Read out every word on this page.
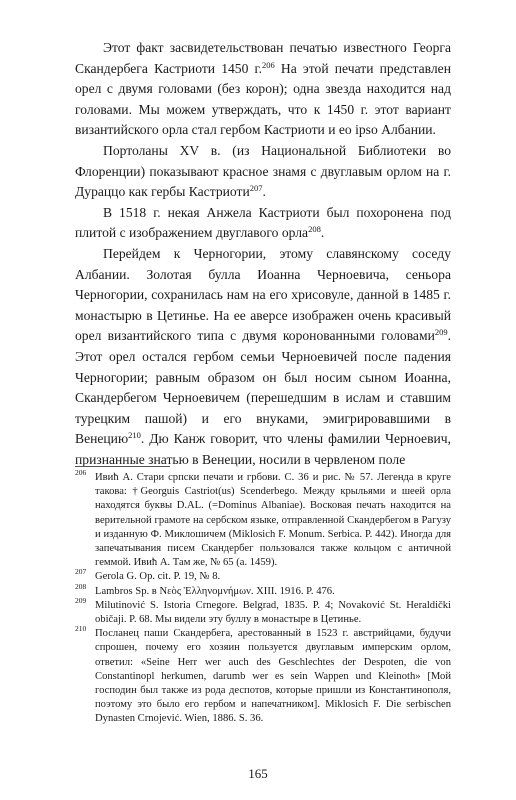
Этот факт засвидетельствован печатью известного Георга Скандербега Кастриоти 1450 г.$^{206}$ На этой печати представлен орел с двумя головами (без корон); одна звезда находится над головами. Мы можем утверждать, что к 1450 г. этот вариант византийского орла стал гербом Кастриоти и ео ipso Албании.

Портоланы XV в. (из Национальной Библиотеки во Флоренции) показывают красное знамя с двуглавым орлом на г. Дураццо как гербы Кастриоти$^{207}$.

В 1518 г. некая Анжела Кастриоти был похоронена под плитой с изображением двуглавого орла$^{208}$.

Перейдем к Черногории, этому славянскому соседу Албании. Золотая булла Иоанна Черноевича, сеньора Черногории, сохранилась нам на его хрисовуле, данной в 1485 г. монастырю в Цетинье. На ее аверсе изображен очень красивый орел византийского типа с двумя коронованными головами$^{209}$. Этот орел остался гербом семьи Черноевичей после падения Черногории; равным образом он был носим сыном Иоанна, Скандербегом Черноевичем (перешедшим в ислам и ставшим турецким пашой) и его внуками, эмигрировавшими в Венецию$^{210}$. Дю Канж говорит, что члены фамилии Черноевич, признанные знатью в Венеции, носили в червленом поле

206 Ивић А. Стари српски печати и грбови. С. 36 и рис. № 57. Легенда в круге такова: †Georguis Castriot(us) Scenderbego. Между крыльями и шеей орла находятся буквы D.AL. (=Dominus Albaniae). Восковая печать находится на верительной грамоте на сербском языке, отправленной Скандербегом в Рагузу и изданную Ф. Миклошичем (Miklosich F. Monum. Serbica. P. 442). Иногда для запечатывания писем Скандербег пользовался также кольцом с античной геммой. Ивић А. Там же, № 65 (а. 1459).

207 Gerola G. Op. cit. P. 19, № 8.

208 Lambros Sp. в Νεὸς Ἑλληνομνήμων. XIII. 1916. P. 476.

209 Milutinović S. Istoria Crnegore. Belgrad, 1835. P. 4; Novaković St. Heraldički običaji. P. 68. Мы видели эту буллу в монастыре в Цетинье.

210 Посланец паши Скандербега, арестованный в 1523 г. австрийцами, будучи спрошен, почему его хозяин пользуется двуглавым имперским орлом, ответил: «Seine Herr wer auch des Geschlechtes der Despoten, die von Constantinopl herkumen, darumb wer es sein Wappen und Kleinoth» [Мой господин был также из рода деспотов, которые пришли из Константинополя, поэтому это было его гербом и напечатником]. Miklosich F. Die serbischen Dynasten Crnojević. Wien, 1886. S. 36.

165
